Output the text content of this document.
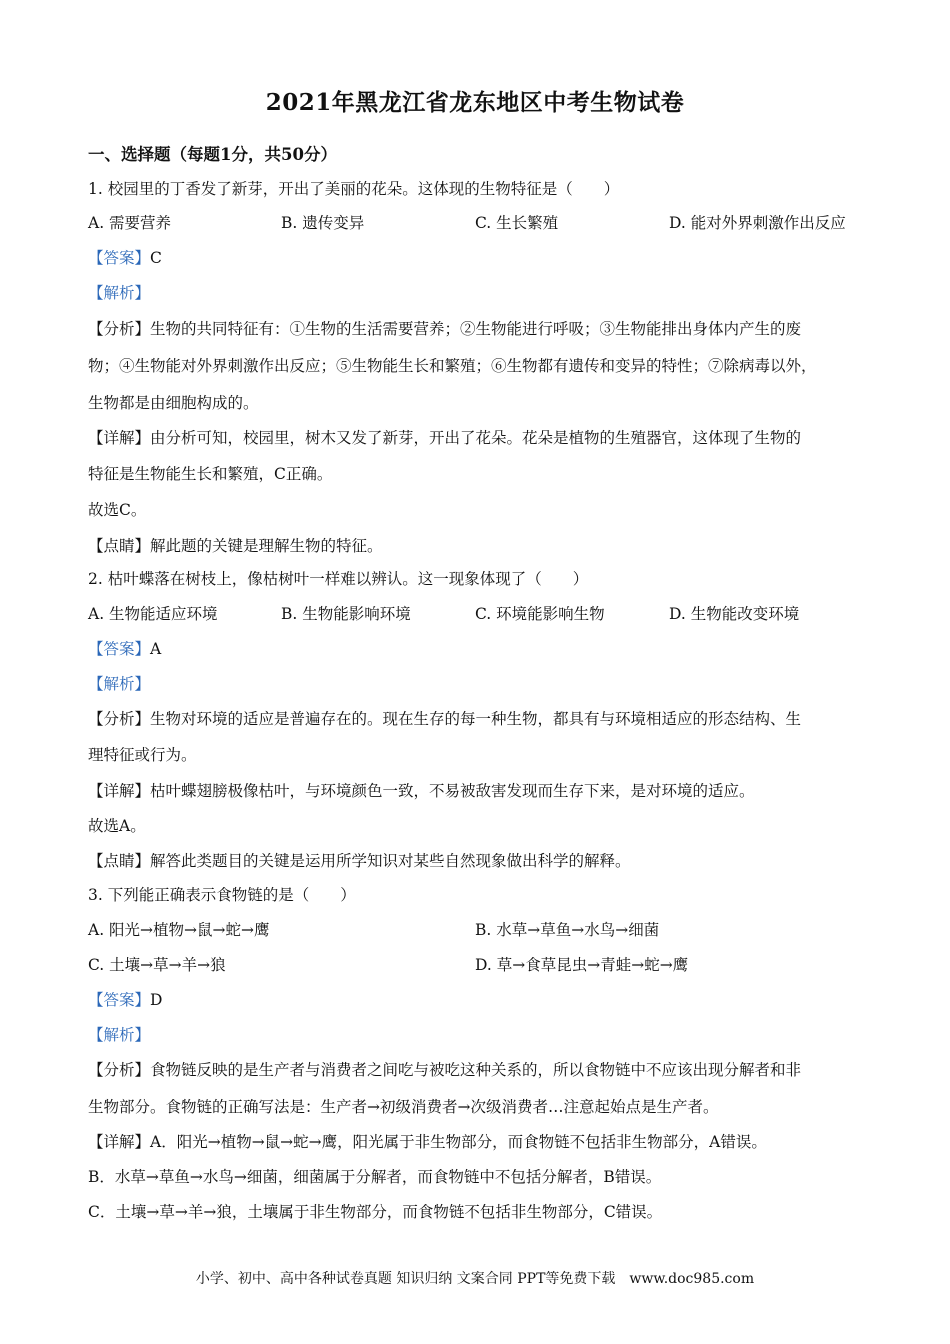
2021年黑龙江省龙东地区中考生物试卷
一、选择题（每题1分，共50分）
1. 校园里的丁香发了新芽，开出了美丽的花朵。这体现的生物特征是（　　）
A. 需要营养	B. 遗传变异	C. 生长繁殖	D. 能对外界刺激作出反应
【答案】C
【解析】
【分析】生物的共同特征有：①生物的生活需要营养；②生物能进行呼吸；③生物能排出身体内产生的废
物；④生物能对外界刺激作出反应；⑤生物能生长和繁殖；⑥生物都有遗传和变异的特性；⑦除病毒以外，
生物都是由细胞构成的。
【详解】由分析可知，校园里，树木又发了新芽，开出了花朵。花朵是植物的生殖器官，这体现了生物的
特征是生物能生长和繁殖，C正确。
故选C。
【点睛】解此题的关键是理解生物的特征。
2. 枯叶蝶落在树枝上，像枯树叶一样难以辨认。这一现象体现了（　　）
A. 生物能适应环境	B. 生物能影响环境	C. 环境能影响生物	D. 生物能改变环境
【答案】A
【解析】
【分析】生物对环境的适应是普遍存在的。现在生存的每一种生物，都具有与环境相适应的形态结构、生
理特征或行为。
【详解】枯叶蝶翅膀极像枯叶，与环境颜色一致，不易被敌害发现而生存下来，是对环境的适应。
故选A。
【点睛】解答此类题目的关键是运用所学知识对某些自然现象做出科学的解释。
3. 下列能正确表示食物链的是（　　）
A. 阳光→植物→鼠→蛇→鹰	B. 水草→草鱼→水鸟→细菌
C. 土壤→草→羊→狼	D. 草→食草昆虫→青蛙→蛇→鹰
【答案】D
【解析】
【分析】食物链反映的是生产者与消费者之间吃与被吃这种关系的，所以食物链中不应该出现分解者和非
生物部分。食物链的正确写法是：生产者→初级消费者→次级消费者…注意起始点是生产者。
【详解】A．阳光→植物→鼠→蛇→鹰，阳光属于非生物部分，而食物链不包括非生物部分，A错误。
B．水草→草鱼→水鸟→细菌，细菌属于分解者，而食物链中不包括分解者，B错误。
C．土壤→草→羊→狼，土壤属于非生物部分，而食物链不包括非生物部分，C错误。
小学、初中、高中各种试卷真题 知识归纳 文案合同 PPT等免费下载　www.doc985.com
